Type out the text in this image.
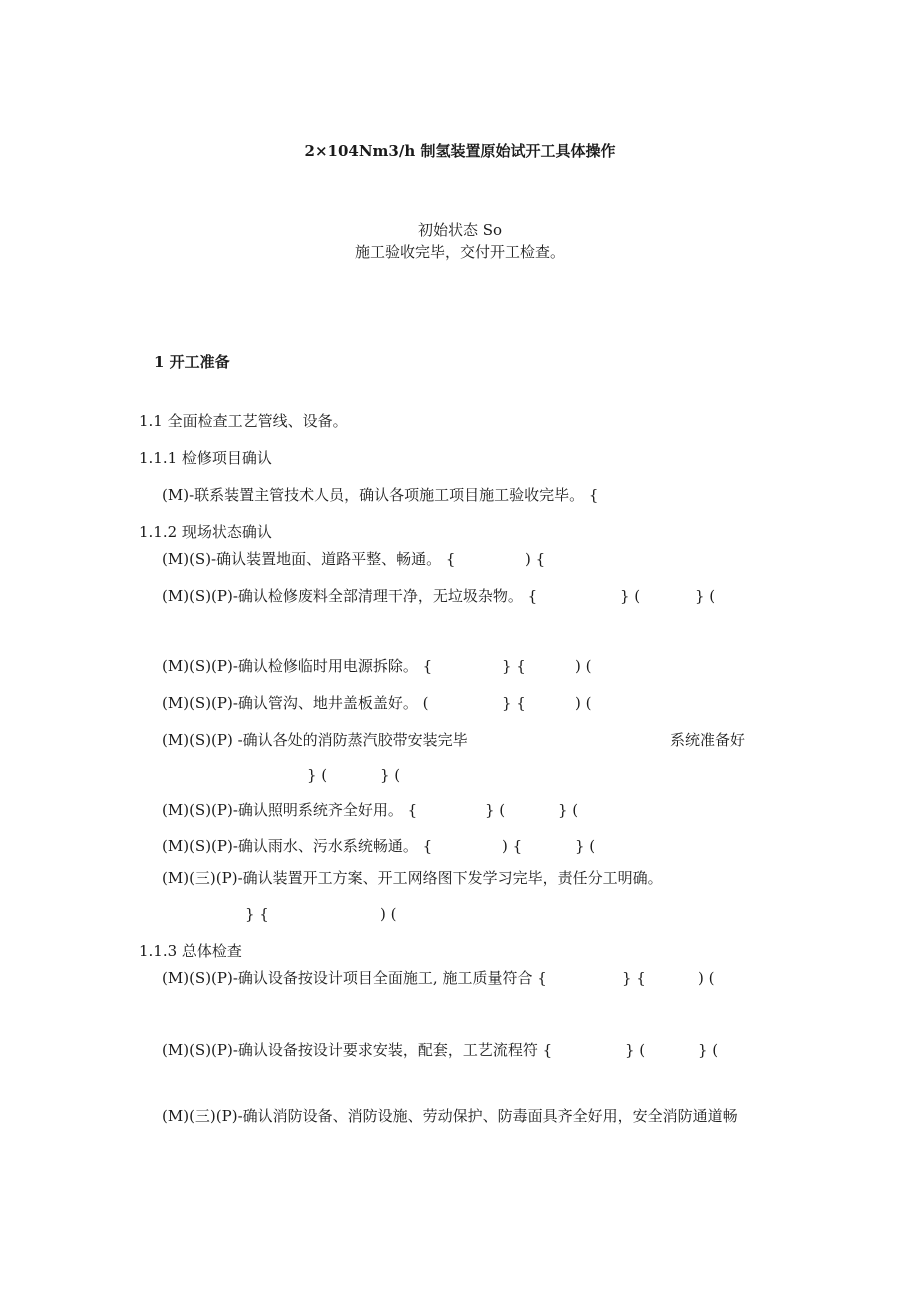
2×104Nm3/h 制氢装置原始试开工具体操作
初始状态 So
施工验收完毕，交付开工检查。
1 开工准备
1.1 全面检查工艺管线、设备。
1.1.1 检修项目确认
(M)-联系装置主管技术人员，确认各项施工项目施工验收完毕。 {
1.1.2 现场状态确认
(M)(S)-确认装置地面、道路平整、畅通。 {	) {
(M)(S)(P)-确认检修废料全部清理干净，无垃圾杂物。 {	} (	} (
(M)(S)(P)-确认检修临时用电源拆除。 {	} {	) (
(M)(S)(P)-确认管沟、地井盖板盖好。 (	} {	) (
(M)(S)(P) -确认各处的消防蒸汽胶带安装完毕	系统准备好
} (	} (
(M)(S)(P)-确认照明系统齐全好用。 {	} (	} (
(M)(S)(P)-确认雨水、污水系统畅通。 {	) {	} (
(M)(三)(P)-确认装置开工方案、开工网络图下发学习完毕，责任分工明确。
} {	) (
1.1.3 总体检查
(M)(S)(P)-确认设备按设计项目全面施工, 施工质量符合 {	} {	) (
(M)(S)(P)-确认设备按设计要求安装，配套，工艺流程符 {	} (	} (
(M)(三)(P)-确认消防设备、消防设施、劳动保护、防毒面具齐全好用，安全消防通道畅
